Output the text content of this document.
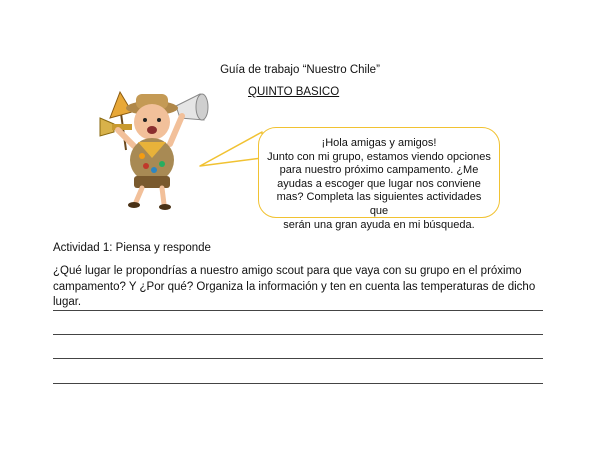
Guía de trabajo “Nuestro Chile”
QUINTO BASICO
¡Hola amigas y amigos!
Junto con mi grupo, estamos viendo opciones
para nuestro próximo campamento. ¿Me
ayudas a escoger que lugar nos conviene
mas? Completa las siguientes actividades que
serán una gran ayuda en mi búsqueda.
Actividad 1: Piensa y responde
¿Qué lugar le propondrías a nuestro amigo scout para que vaya con su grupo en el próximo
campamento? Y ¿Por qué? Organiza la información y ten en cuenta las temperaturas de dicho lugar.
